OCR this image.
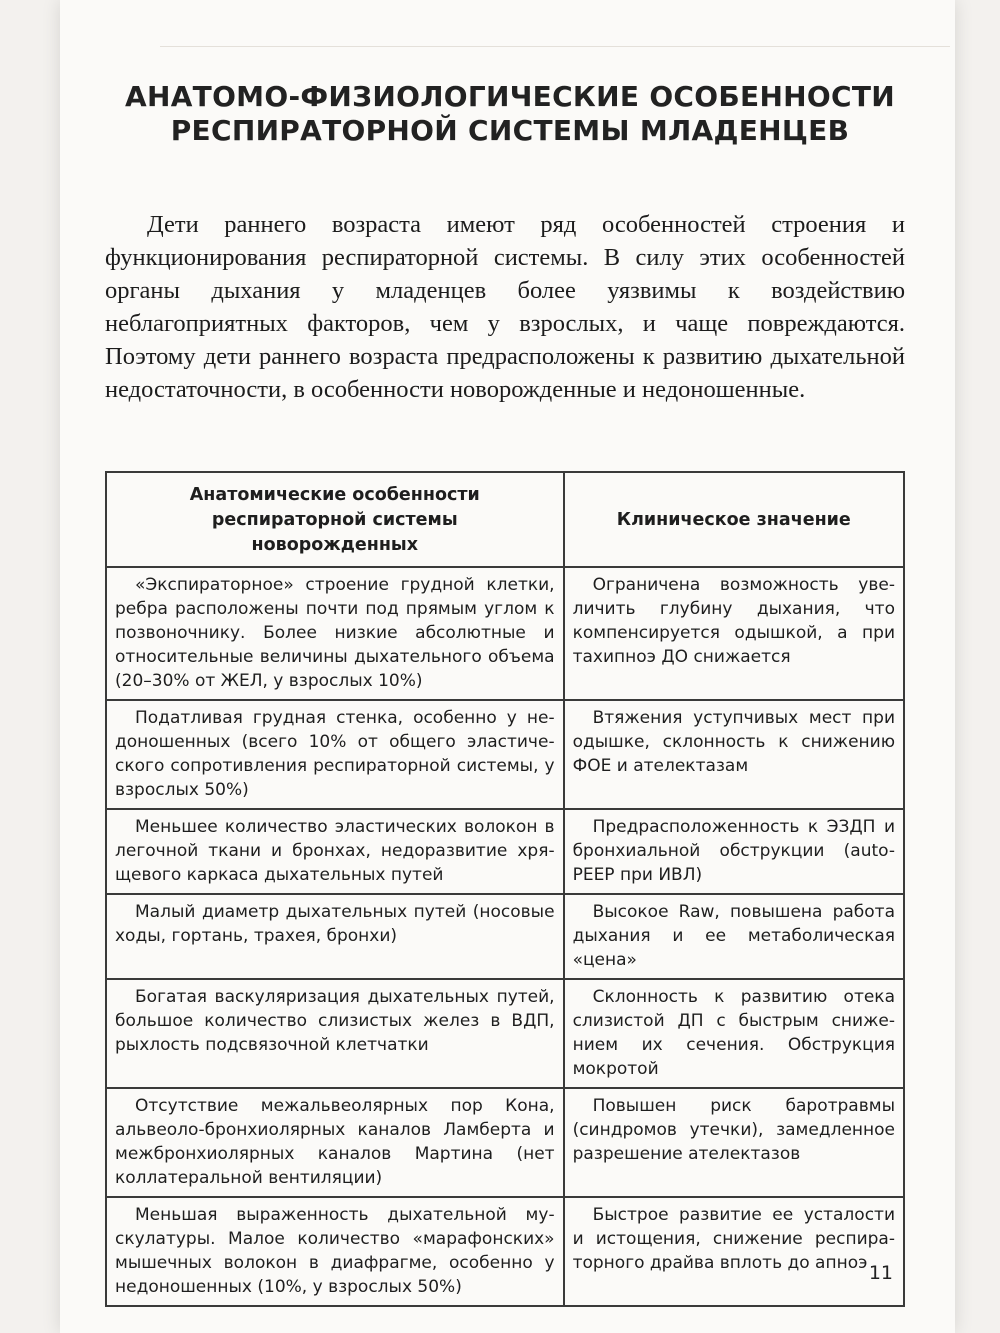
АНАТОМО-ФИЗИОЛОГИЧЕСКИЕ ОСОБЕННОСТИ
РЕСПИРАТОРНОЙ СИСТЕМЫ МЛАДЕНЦЕВ

Дети раннего возраста имеют ряд особенностей строения и функционирования респираторной системы. В силу этих особенностей органы дыхания у младенцев более уязвимы к воздействию неблагоприятных факторов, чем у взрослых, и чаще повреждаются. Поэтому дети раннего возраста предрасположены к развитию дыхательной недостаточности, в особенности новорожденные и недоношенные.

Анатомические особенности респираторной системы новорожденных	Клиническое значение
«Экспираторное» строение грудной клетки, ребра расположены почти под прямым углом к позвоночнику. Более низкие абсолютные и относительные величины дыхательного объема (20–30% от ЖЕЛ, у взрослых 10%)	Ограничена возможность увеличить глубину дыхания, что компенсируется одышкой, а при тахипноэ ДО снижается
Податливая грудная стенка, особенно у недоношенных (всего 10% от общего эластического сопротивления респираторной системы, у взрослых 50%)	Втяжения уступчивых мест при одышке, склонность к снижению ФОЕ и ателектазам
Меньшее количество эластических волокон в легочной ткани и бронхах, недоразвитие хрящевого каркаса дыхательных путей	Предрасположенность к ЭЗДП и бронхиальной обструкции (auto-PEEP при ИВЛ)
Малый диаметр дыхательных путей (носовые ходы, гортань, трахея, бронхи)	Высокое Raw, повышена работа дыхания и ее метаболическая «цена»
Богатая васкуляризация дыхательных путей, большое количество слизистых желез в ВДП, рыхлость подсвязочной клетчатки	Склонность к развитию отека слизистой ДП с быстрым снижением их сечения. Обструкция мокротой
Отсутствие межальвеолярных пор Кона, альвеоло-бронхиолярных каналов Ламберта и межбронхиолярных каналов Мартина (нет коллатеральной вентиляции)	Повышен риск баротравмы (синдромов утечки), замедленное разрешение ателектазов
Меньшая выраженность дыхательной мускулатуры. Малое количество «марафонских» мышечных волокон в диафрагме, особенно у недоношенных (10%, у взрослых 50%)	Быстрое развитие ее усталости и истощения, снижение респираторного драйва вплоть до апноэ 11
